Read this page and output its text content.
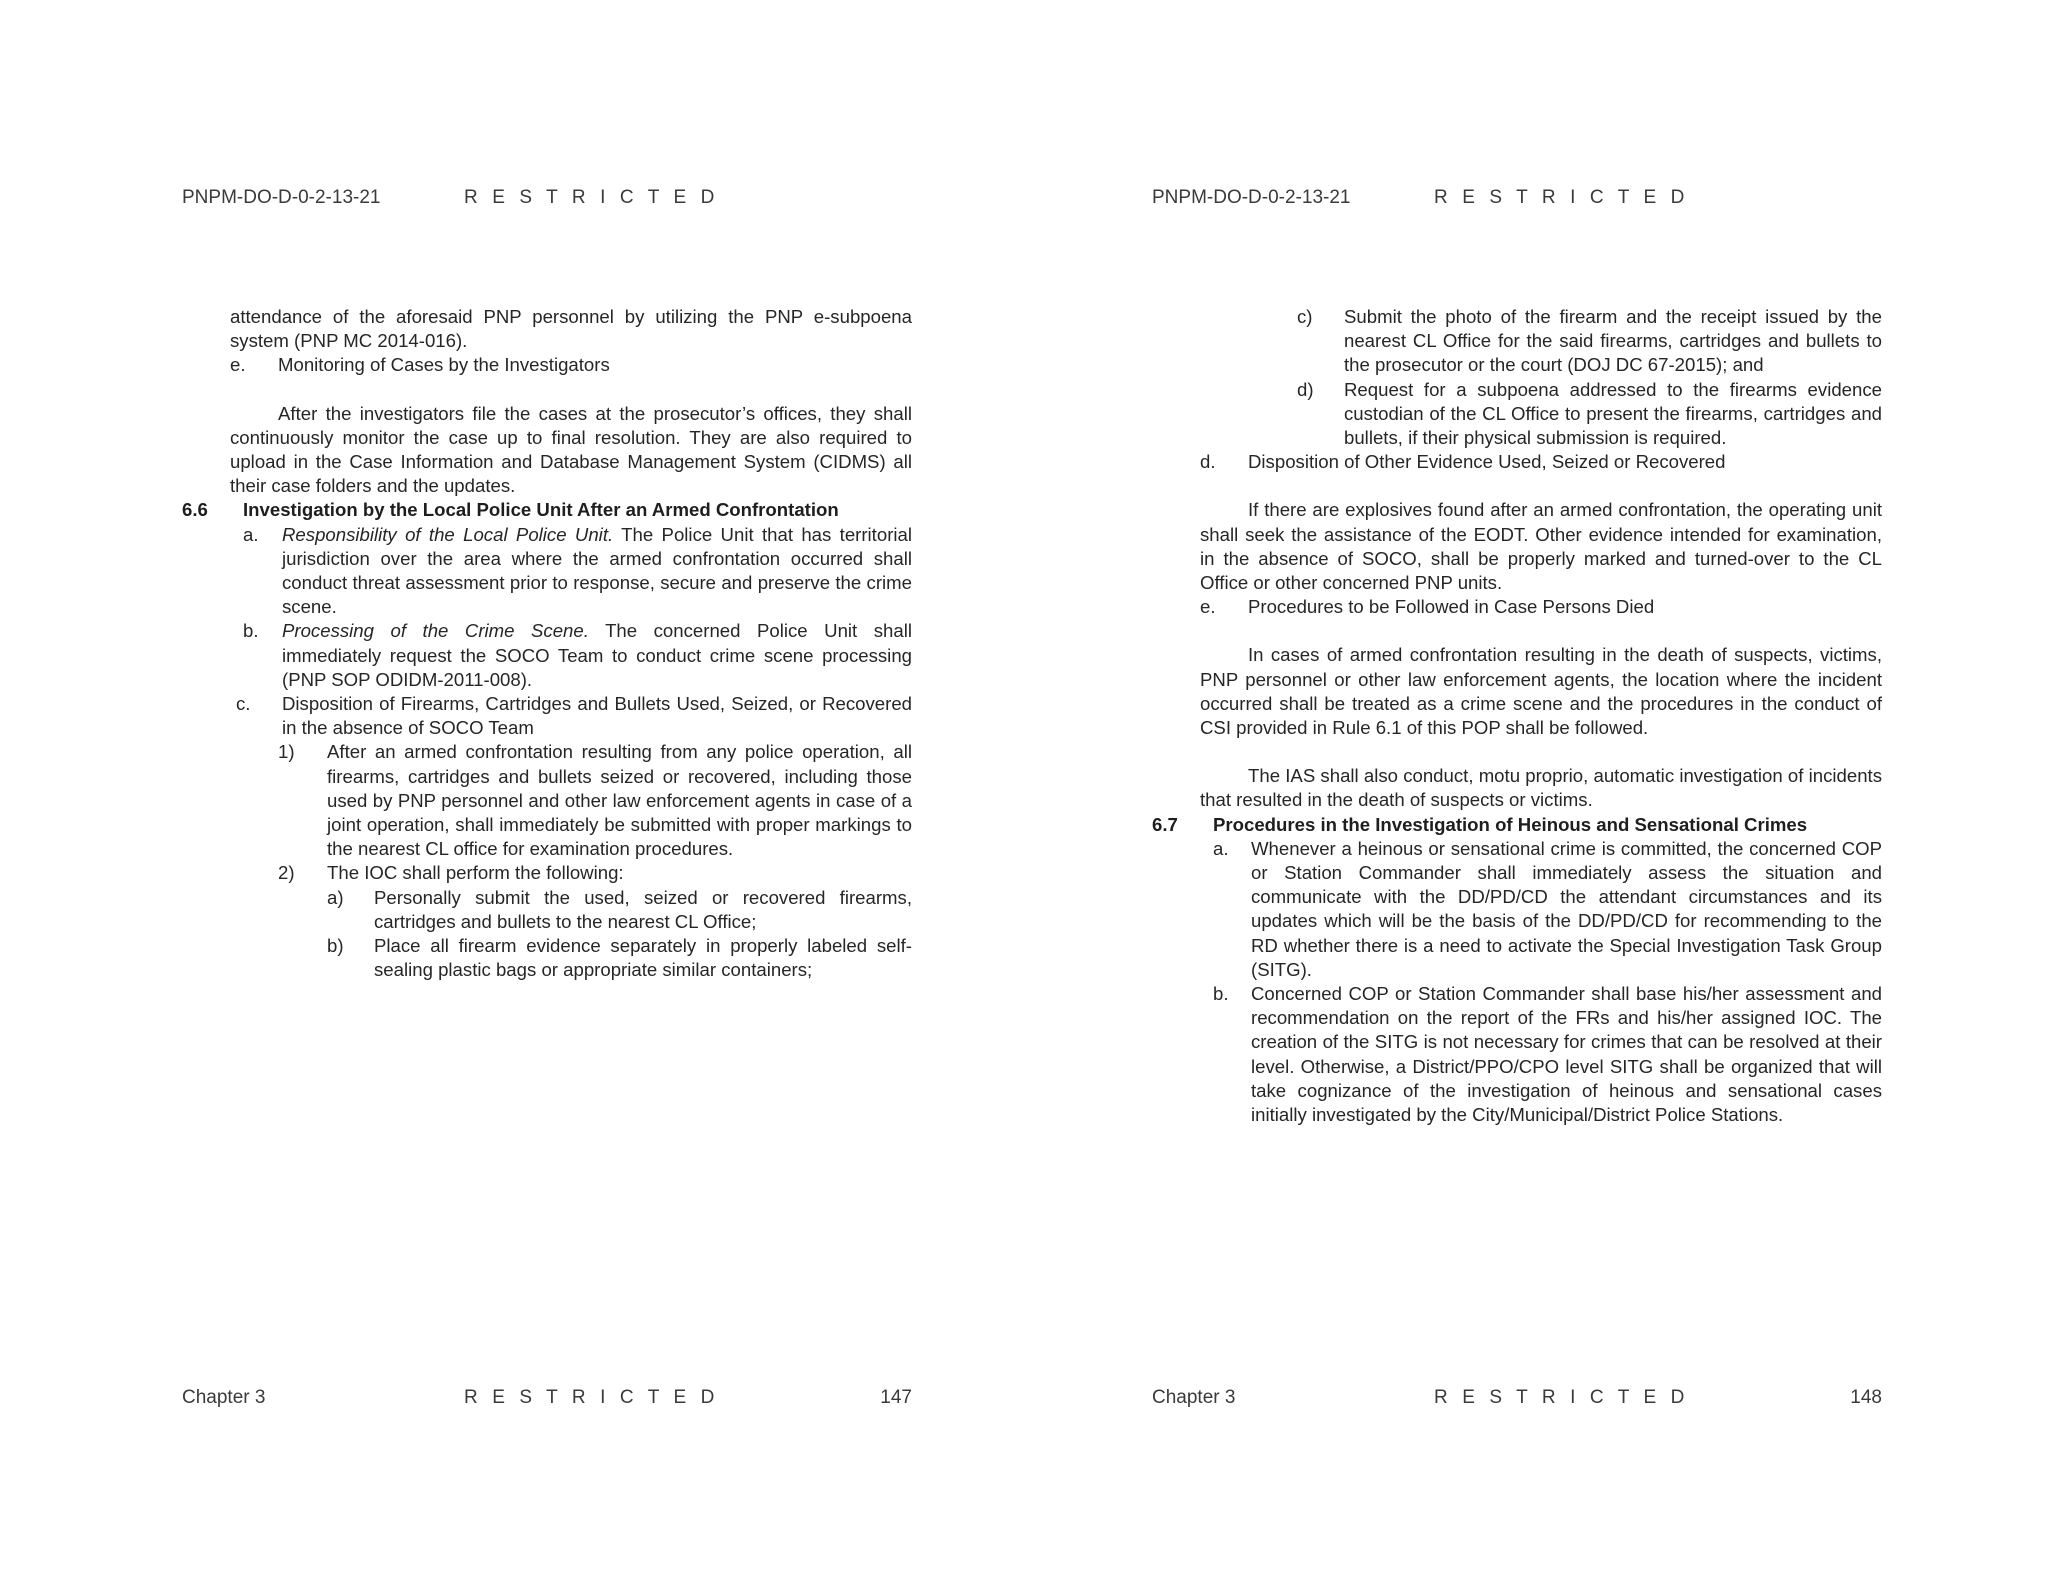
PNPM-DO-D-0-2-13-21	R E S T R I C T E D

attendance of the aforesaid PNP personnel by utilizing the PNP e-subpoena system (PNP MC 2014-016).

e. Monitoring of Cases by the Investigators

After the investigators file the cases at the prosecutor’s offices, they shall continuously monitor the case up to final resolution. They are also required to upload in the Case Information and Database Management System (CIDMS) all their case folders and the updates.

6.6	Investigation by the Local Police Unit After an Armed Confrontation

a. Responsibility of the Local Police Unit. The Police Unit that has territorial jurisdiction over the area where the armed confrontation occurred shall conduct threat assessment prior to response, secure and preserve the crime scene.

b. Processing of the Crime Scene. The concerned Police Unit shall immediately request the SOCO Team to conduct crime scene processing (PNP SOP ODIDM-2011-008).

c. Disposition of Firearms, Cartridges and Bullets Used, Seized, or Recovered in the absence of SOCO Team

1) After an armed confrontation resulting from any police operation, all firearms, cartridges and bullets seized or recovered, including those used by PNP personnel and other law enforcement agents in case of a joint operation, shall immediately be submitted with proper markings to the nearest CL office for examination procedures.

2) The IOC shall perform the following:

a) Personally submit the used, seized or recovered firearms, cartridges and bullets to the nearest CL Office;

b) Place all firearm evidence separately in properly labeled self-sealing plastic bags or appropriate similar containers;

Chapter 3	R E S T R I C T E D	147
PNPM-DO-D-0-2-13-21	R E S T R I C T E D

c) Submit the photo of the firearm and the receipt issued by the nearest CL Office for the said firearms, cartridges and bullets to the prosecutor or the court (DOJ DC 67-2015); and

d) Request for a subpoena addressed to the firearms evidence custodian of the CL Office to present the firearms, cartridges and bullets, if their physical submission is required.

d. Disposition of Other Evidence Used, Seized or Recovered

If there are explosives found after an armed confrontation, the operating unit shall seek the assistance of the EODT. Other evidence intended for examination, in the absence of SOCO, shall be properly marked and turned-over to the CL Office or other concerned PNP units.

e. Procedures to be Followed in Case Persons Died

In cases of armed confrontation resulting in the death of suspects, victims, PNP personnel or other law enforcement agents, the location where the incident occurred shall be treated as a crime scene and the procedures in the conduct of CSI provided in Rule 6.1 of this POP shall be followed.

The IAS shall also conduct, motu proprio, automatic investigation of incidents that resulted in the death of suspects or victims.

6.7	Procedures in the Investigation of Heinous and Sensational Crimes

a. Whenever a heinous or sensational crime is committed, the concerned COP or Station Commander shall immediately assess the situation and communicate with the DD/PD/CD the attendant circumstances and its updates which will be the basis of the DD/PD/CD for recommending to the RD whether there is a need to activate the Special Investigation Task Group (SITG).

b. Concerned COP or Station Commander shall base his/her assessment and recommendation on the report of the FRs and his/her assigned IOC. The creation of the SITG is not necessary for crimes that can be resolved at their level. Otherwise, a District/PPO/CPO level SITG shall be organized that will take cognizance of the investigation of heinous and sensational cases initially investigated by the City/Municipal/District Police Stations.

Chapter 3	R E S T R I C T E D	148
